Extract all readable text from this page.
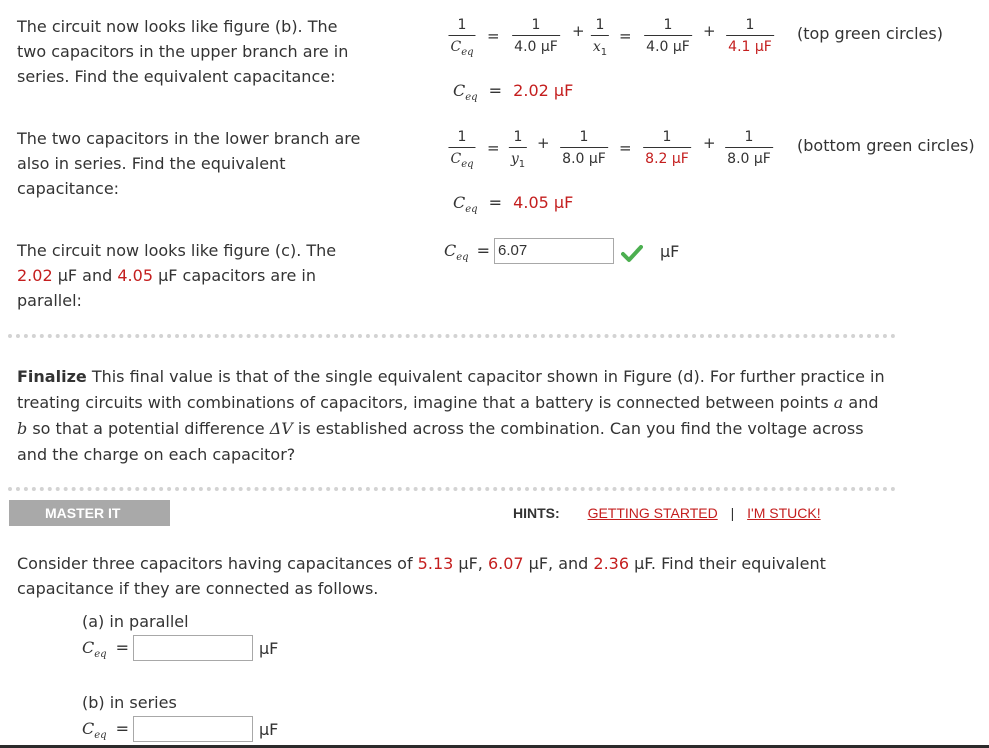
The circuit now looks like figure (b). The
two capacitors in the upper branch are in
series. Find the equivalent capacitance:
1
$C_{eq}$
= $\frac{1}{4.0 \mu F} + \frac{1}{x_1} = \frac{1}{4.0 \mu F} + \frac{1}{4.1 \mu F} (top$ green circles)
$C_{eq} = 2.02$ μF
The two capacitors in the lower branch are
also in series. Find the equivalent
capacitance:
1
$C_{eq}$
= $\frac{1}{y_1} + \frac{1}{8.0 \mu F} = \frac{1}{8.2 \mu F} + \frac{1}{8.0 \mu F}$ (bottom green circles)
$C_{eq} = 4.05$ μF
The circuit now looks like figure (c). The
2.02 μF and 4.05 μF capacitors are in
parallel:
$C_{eq} = 6.07$	μF
Finalize This final value is that of the single equivalent capacitor shown in Figure (d). For further practice in
treating circuits with combinations of capacitors, imagine that a battery is connected between points a and
b so that a potential difference ΔV is established across the combination. Can you find the voltage across
and the charge on each capacitor?
MASTER IT	HINTS: GETTING STARTED | I'M STUCK!
Consider three capacitors having capacitances of 5.13 μF, 6.07 μF, and 2.36 μF. Find their equivalent
capacitance if they are connected as follows.
(a) in parallel
$C_{eq}$ =	μF
(b) in series
$C_{eq}$ =	μF
